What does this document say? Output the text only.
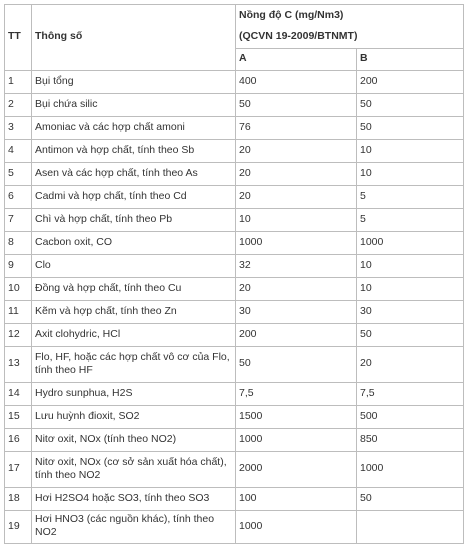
TT	Thông số	Nồng độ C (mg/Nm3)
(QCVN 19-2009/BTNMT)	

		A	B
1	Bụi tổng	400	200
2	Bụi chứa silic	50	50
3	Amoniac và các hợp chất amoni	76	50
4	Antimon và hợp chất, tính theo Sb	20	10
5	Asen và các hợp chất, tính theo As	20	10
6	Cadmi và hợp chất, tính theo Cd	20	5
7	Chì và hợp chất, tính theo Pb	10	5
8	Cacbon oxit, CO	1000	1000
9	Clo	32	10
10	Đồng và hợp chất, tính theo Cu	20	10
11	Kẽm và hợp chất, tính theo Zn	30	30
12	Axit clohydric, HCl	200	50
13	Flo, HF, hoặc các hợp chất vô cơ của Flo, tính theo HF	50	20
14	Hydro sunphua, H2S	7,5	7,5
15	Lưu huỳnh đioxit, SO2	1500	500
16	Nitơ oxit, NOx (tính theo NO2)	1000	850
17	Nitơ oxit, NOx (cơ sở sản xuất hóa chất), tính theo NO2	2000	1000
18	Hơi H2SO4 hoặc SO3, tính theo SO3	100	50
19	Hơi HNO3 (các nguồn khác), tính theo NO2	1000	
